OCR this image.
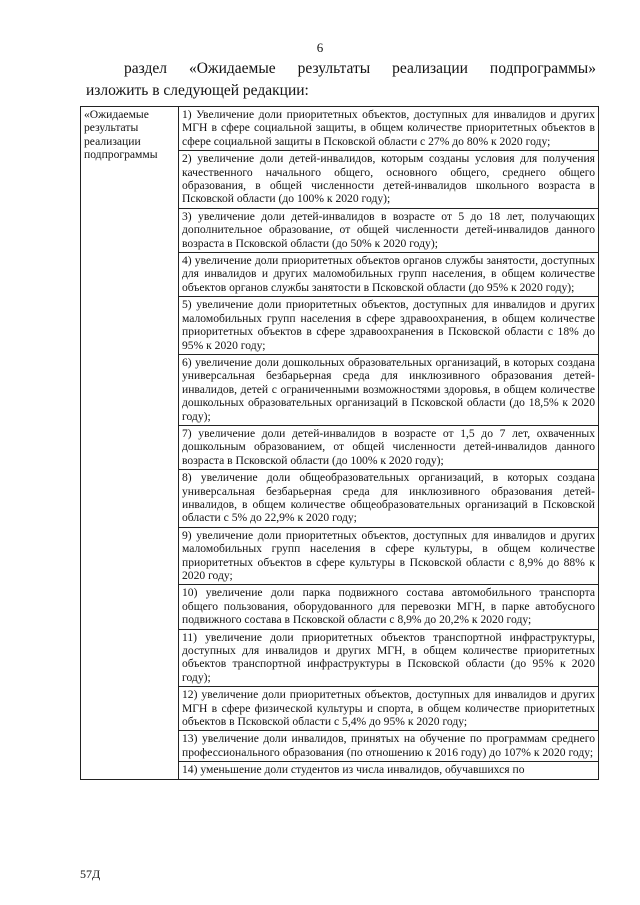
6
раздел «Ожидаемые результаты реализации подпрограммы»
изложить в следующей редакции:
«Ожидаемые результаты реализации подпрограммы	1) Увеличение доли приоритетных объектов, доступных для инвалидов и других МГН в сфере социальной защиты, в общем количестве приоритетных объектов в сфере социальной защиты в Псковской области с 27% до 80% к 2020 году;
2) увеличение доли детей-инвалидов, которым созданы условия для получения качественного начального общего, основного общего, среднего общего образования, в общей численности детей-инвалидов школьного возраста в Псковской области (до 100% к 2020 году);
3) увеличение доли детей-инвалидов в возрасте от 5 до 18 лет, получающих дополнительное образование, от общей численности детей-инвалидов данного возраста в Псковской области (до 50% к 2020 году);
4) увеличение доли приоритетных объектов органов службы занятости, доступных для инвалидов и других маломобильных групп населения, в общем количестве объектов органов службы занятости в Псковской области (до 95% к 2020 году);
5) увеличение доли приоритетных объектов, доступных для инвалидов и других маломобильных групп населения в сфере здравоохранения, в общем количестве приоритетных объектов в сфере здравоохранения в Псковской области с 18% до 95% к 2020 году;
6) увеличение доли дошкольных образовательных организаций, в которых создана универсальная безбарьерная среда для инклюзивного образования детей-инвалидов, детей с ограниченными возможностями здоровья, в общем количестве дошкольных образовательных организаций в Псковской области (до 18,5% к 2020 году);
7) увеличение доли детей-инвалидов в возрасте от 1,5 до 7 лет, охваченных дошкольным образованием, от общей численности детей-инвалидов данного возраста в Псковской области (до 100% к 2020 году);
8) увеличение доли общеобразовательных организаций, в которых создана универсальная безбарьерная среда для инклюзивного образования детей-инвалидов, в общем количестве общеобразовательных организаций в Псковской области с 5% до 22,9% к 2020 году;
9) увеличение доли приоритетных объектов, доступных для инвалидов и других маломобильных групп населения в сфере культуры, в общем количестве приоритетных объектов в сфере культуры в Псковской области с 8,9% до 88% к 2020 году;
10) увеличение доли парка подвижного состава автомобильного транспорта общего пользования, оборудованного для перевозки МГН, в парке автобусного подвижного состава в Псковской области с 8,9% до 20,2% к 2020 году;
11) увеличение доли приоритетных объектов транспортной инфраструктуры, доступных для инвалидов и других МГН, в общем количестве приоритетных объектов транспортной инфраструктуры в Псковской области (до 95% к 2020 году);
12) увеличение доли приоритетных объектов, доступных для инвалидов и других МГН в сфере физической культуры и спорта, в общем количестве приоритетных объектов в Псковской области с 5,4% до 95% к 2020 году;
13) увеличение доли инвалидов, принятых на обучение по программам среднего профессионального образования (по отношению к 2016 году) до 107% к 2020 году;
14) уменьшение доли студентов из числа инвалидов, обучавшихся по
57Д
